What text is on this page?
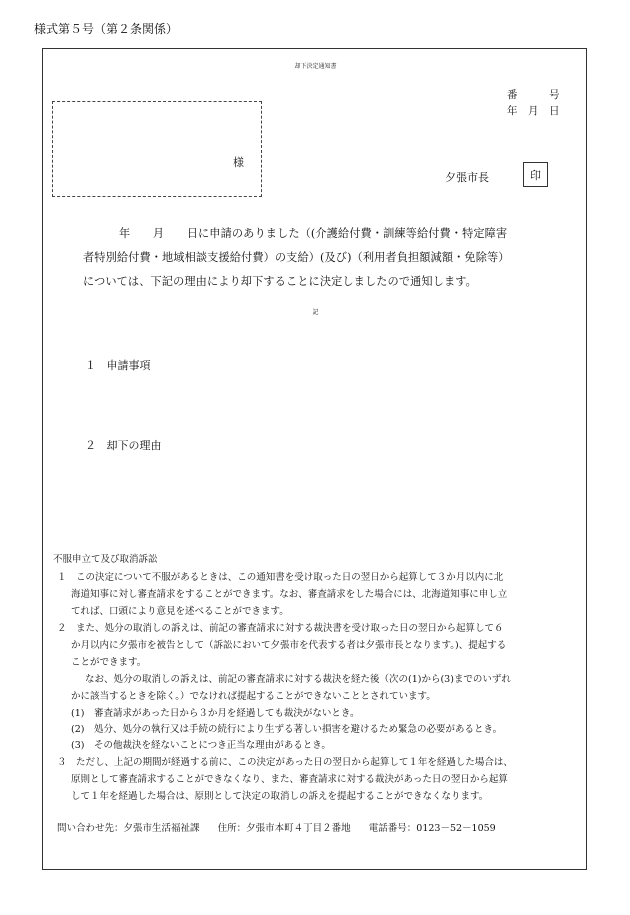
様式第５号（第２条関係）
却下決定通知書
番　　　号
年　月　日
様
夕張市長	印
年　　月　　日に申請のありました（(介護給付費・訓練等給付費・特定障害
者特別給付費・地域相談支援給付費）の支給）(及び)（利用者負担額減額・免除等）
については、下記の理由により却下することに決定しましたので通知します。
記
１ 申請事項
２ 却下の理由
不服申立て及び取消訴訟
１　この決定について不服があるときは、この通知書を受け取った日の翌日から起算して３か月以内に北
海道知事に対し審査請求をすることができます。なお、審査請求をした場合には、北海道知事に申し立
てれば、口頭により意見を述べることができます。
２　また、処分の取消しの訴えは、前記の審査請求に対する裁決書を受け取った日の翌日から起算して６
か月以内に夕張市を被告として（訴訟において夕張市を代表する者は夕張市長となります。)、提起する
ことができます。
なお、処分の取消しの訴えは、前記の審査請求に対する裁決を経た後（次の(1)から(3)までのいずれ
かに該当するときを除く。）でなければ提起することができないこととされています。
(1)　審査請求があった日から３か月を経過しても裁決がないとき。
(2)　処分、処分の執行又は手続の続行により生ずる著しい損害を避けるため緊急の必要があるとき。
(3)　その他裁決を経ないことにつき正当な理由があるとき。
３　ただし、上記の期間が経過する前に、この決定があった日の翌日から起算して１年を経過した場合は、
原則として審査請求することができなくなり、また、審査請求に対する裁決があった日の翌日から起算
して１年を経過した場合は、原則として決定の取消しの訴えを提起することができなくなります。
問い合わせ先：夕張市生活福祉課 住所：夕張市本町４丁目２番地 電話番号：0123－52－1059
